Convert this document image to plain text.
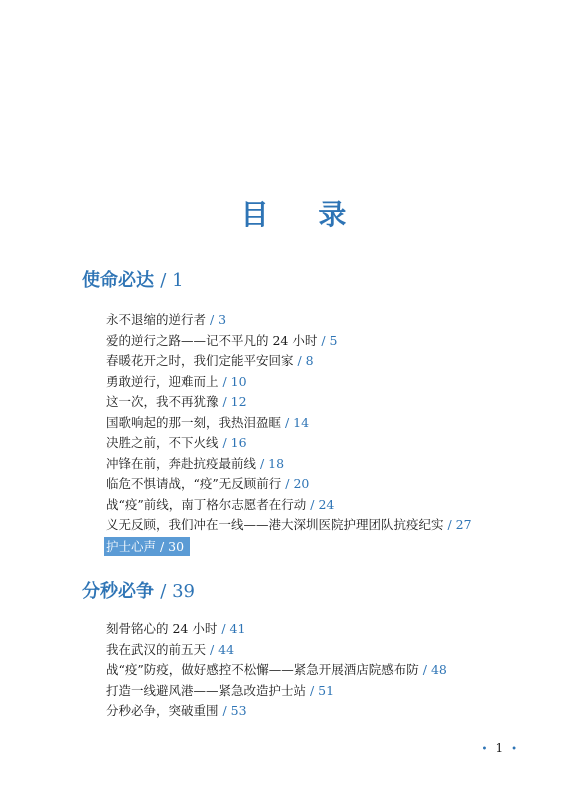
目 录
使命必达 / 1
永不退缩的逆行者 / 3
爱的逆行之路——记不平凡的 24 小时 / 5
春暖花开之时，我们定能平安回家 / 8
勇敢逆行，迎难而上 / 10
这一次，我不再犹豫 / 12
国歌响起的那一刻，我热泪盈眶 / 14
决胜之前，不下火线 / 16
冲锋在前，奔赴抗疫最前线 / 18
临危不惧请战，“疫”无反顾前行 / 20
战“疫”前线，南丁格尔志愿者在行动 / 24
义无反顾，我们冲在一线——港大深圳医院护理团队抗疫纪实 / 27
护士心声 / 30
分秒必争 / 39
刻骨铭心的 24 小时 / 41
我在武汉的前五天 / 44
战“疫”防疫，做好感控不松懈——紧急开展酒店院感布防 / 48
打造一线避风港——紧急改造护士站 / 51
分秒必争，突破重围 / 53
• 1 •
